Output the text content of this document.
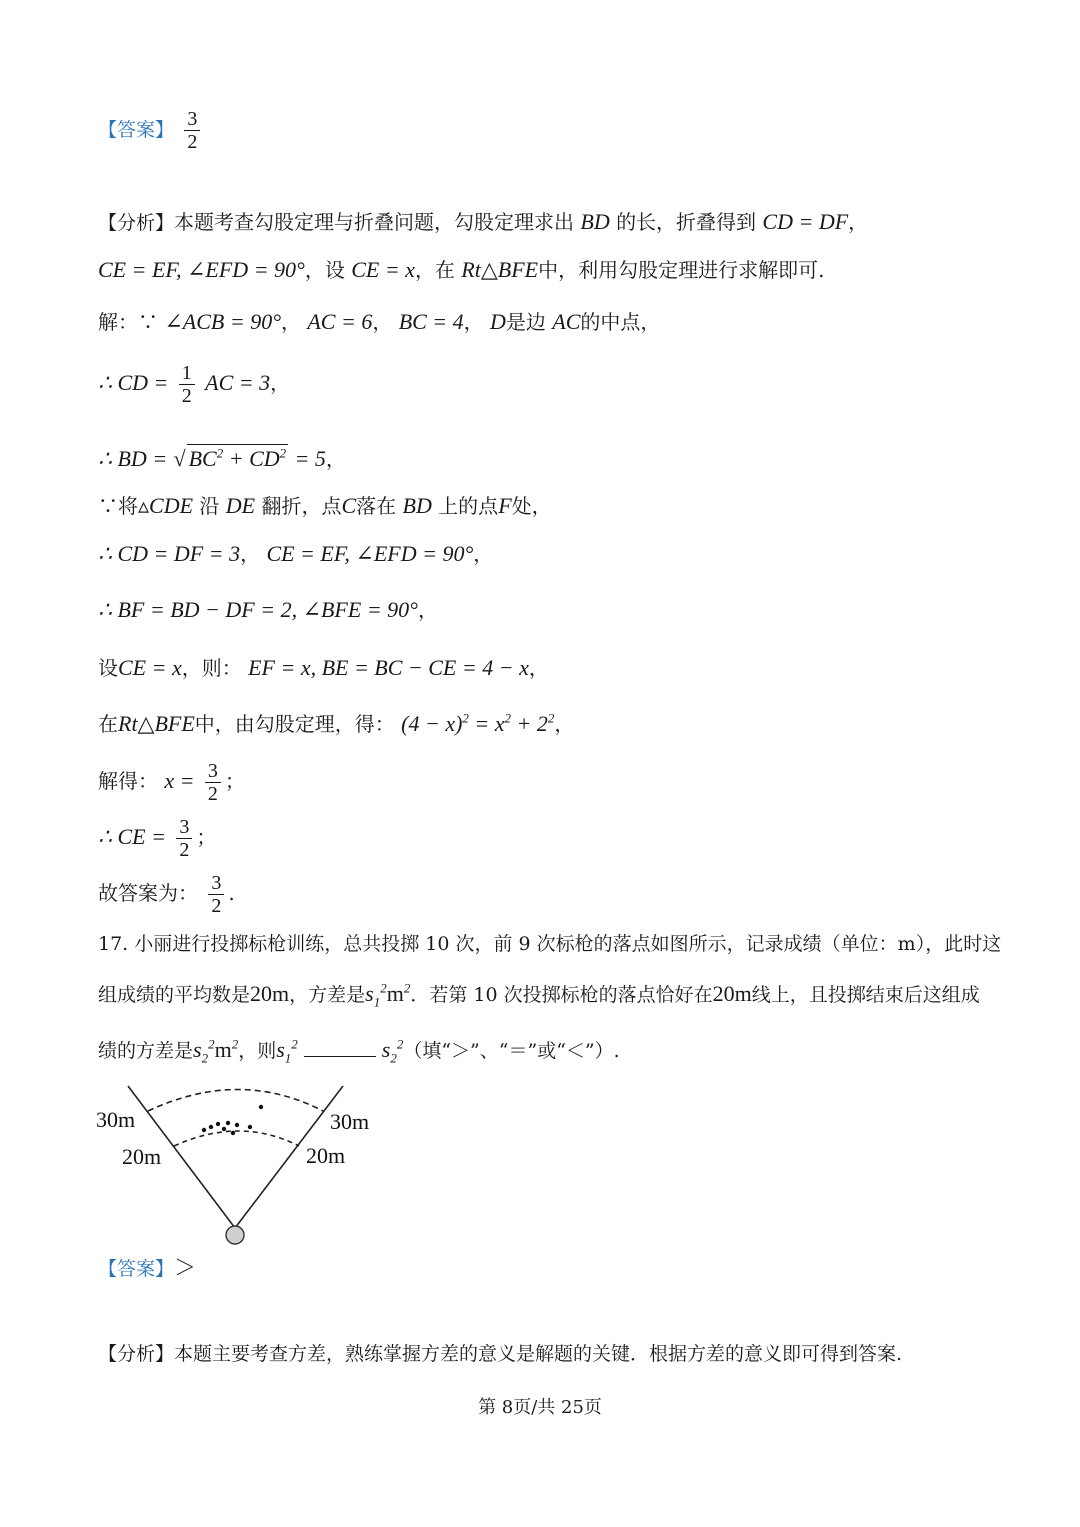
【答案】 $\frac{3}{2}$
【分析】本题考查勾股定理与折叠问题，勾股定理求出 BD 的长，折叠得到 CD = DF，
CE = EF, ∠EFD = 90°，设 CE = x，在 Rt△BFE中，利用勾股定理进行求解即可.
解：∵ ∠ACB = 90°， AC = 6， BC = 4， D是边 AC的中点，
∴ CD = $\frac{1}{2}$ AC = 3，
∴ BD = √ $BC^2 + CD^2 = 5$，
∵将▵CDE 沿 DE 翻折，点C落在 BD 上的点F处，
∴ CD = DF = 3， CE = EF, ∠EFD = 90°，
∴ BF = BD − DF = 2, ∠BFE = 90°，
设CE = x，则： EF = x, BE = BC − CE = 4 − x，
在Rt△BFE中，由勾股定理，得： $(4 - x)^2 = x^2 + 2^2$，
解得： $x = \frac{3}{2}$ ；
∴ CE = $\frac{3}{2}$ ；
故答案为： $\frac{3}{2}$ .
17. 小丽进行投掷标枪训练，总共投掷 10 次，前 9 次标枪的落点如图所示，记录成绩（单位：m），此时这
组成绩的平均数是20m，方差是$s_1^2m^2$．若第 10 次投掷标枪的落点恰好在20m线上，且投掷结束后这组成
绩的方差是$s_2^2m^2$，则$s_1^2$	$s_2^2$（填“＞”、“＝”或“＜”）.
30m
20m
30m
20m
【答案】＞
【分析】本题主要考查方差，熟练掌握方差的意义是解题的关键．根据方差的意义即可得到答案.
第 8页/共 25页
